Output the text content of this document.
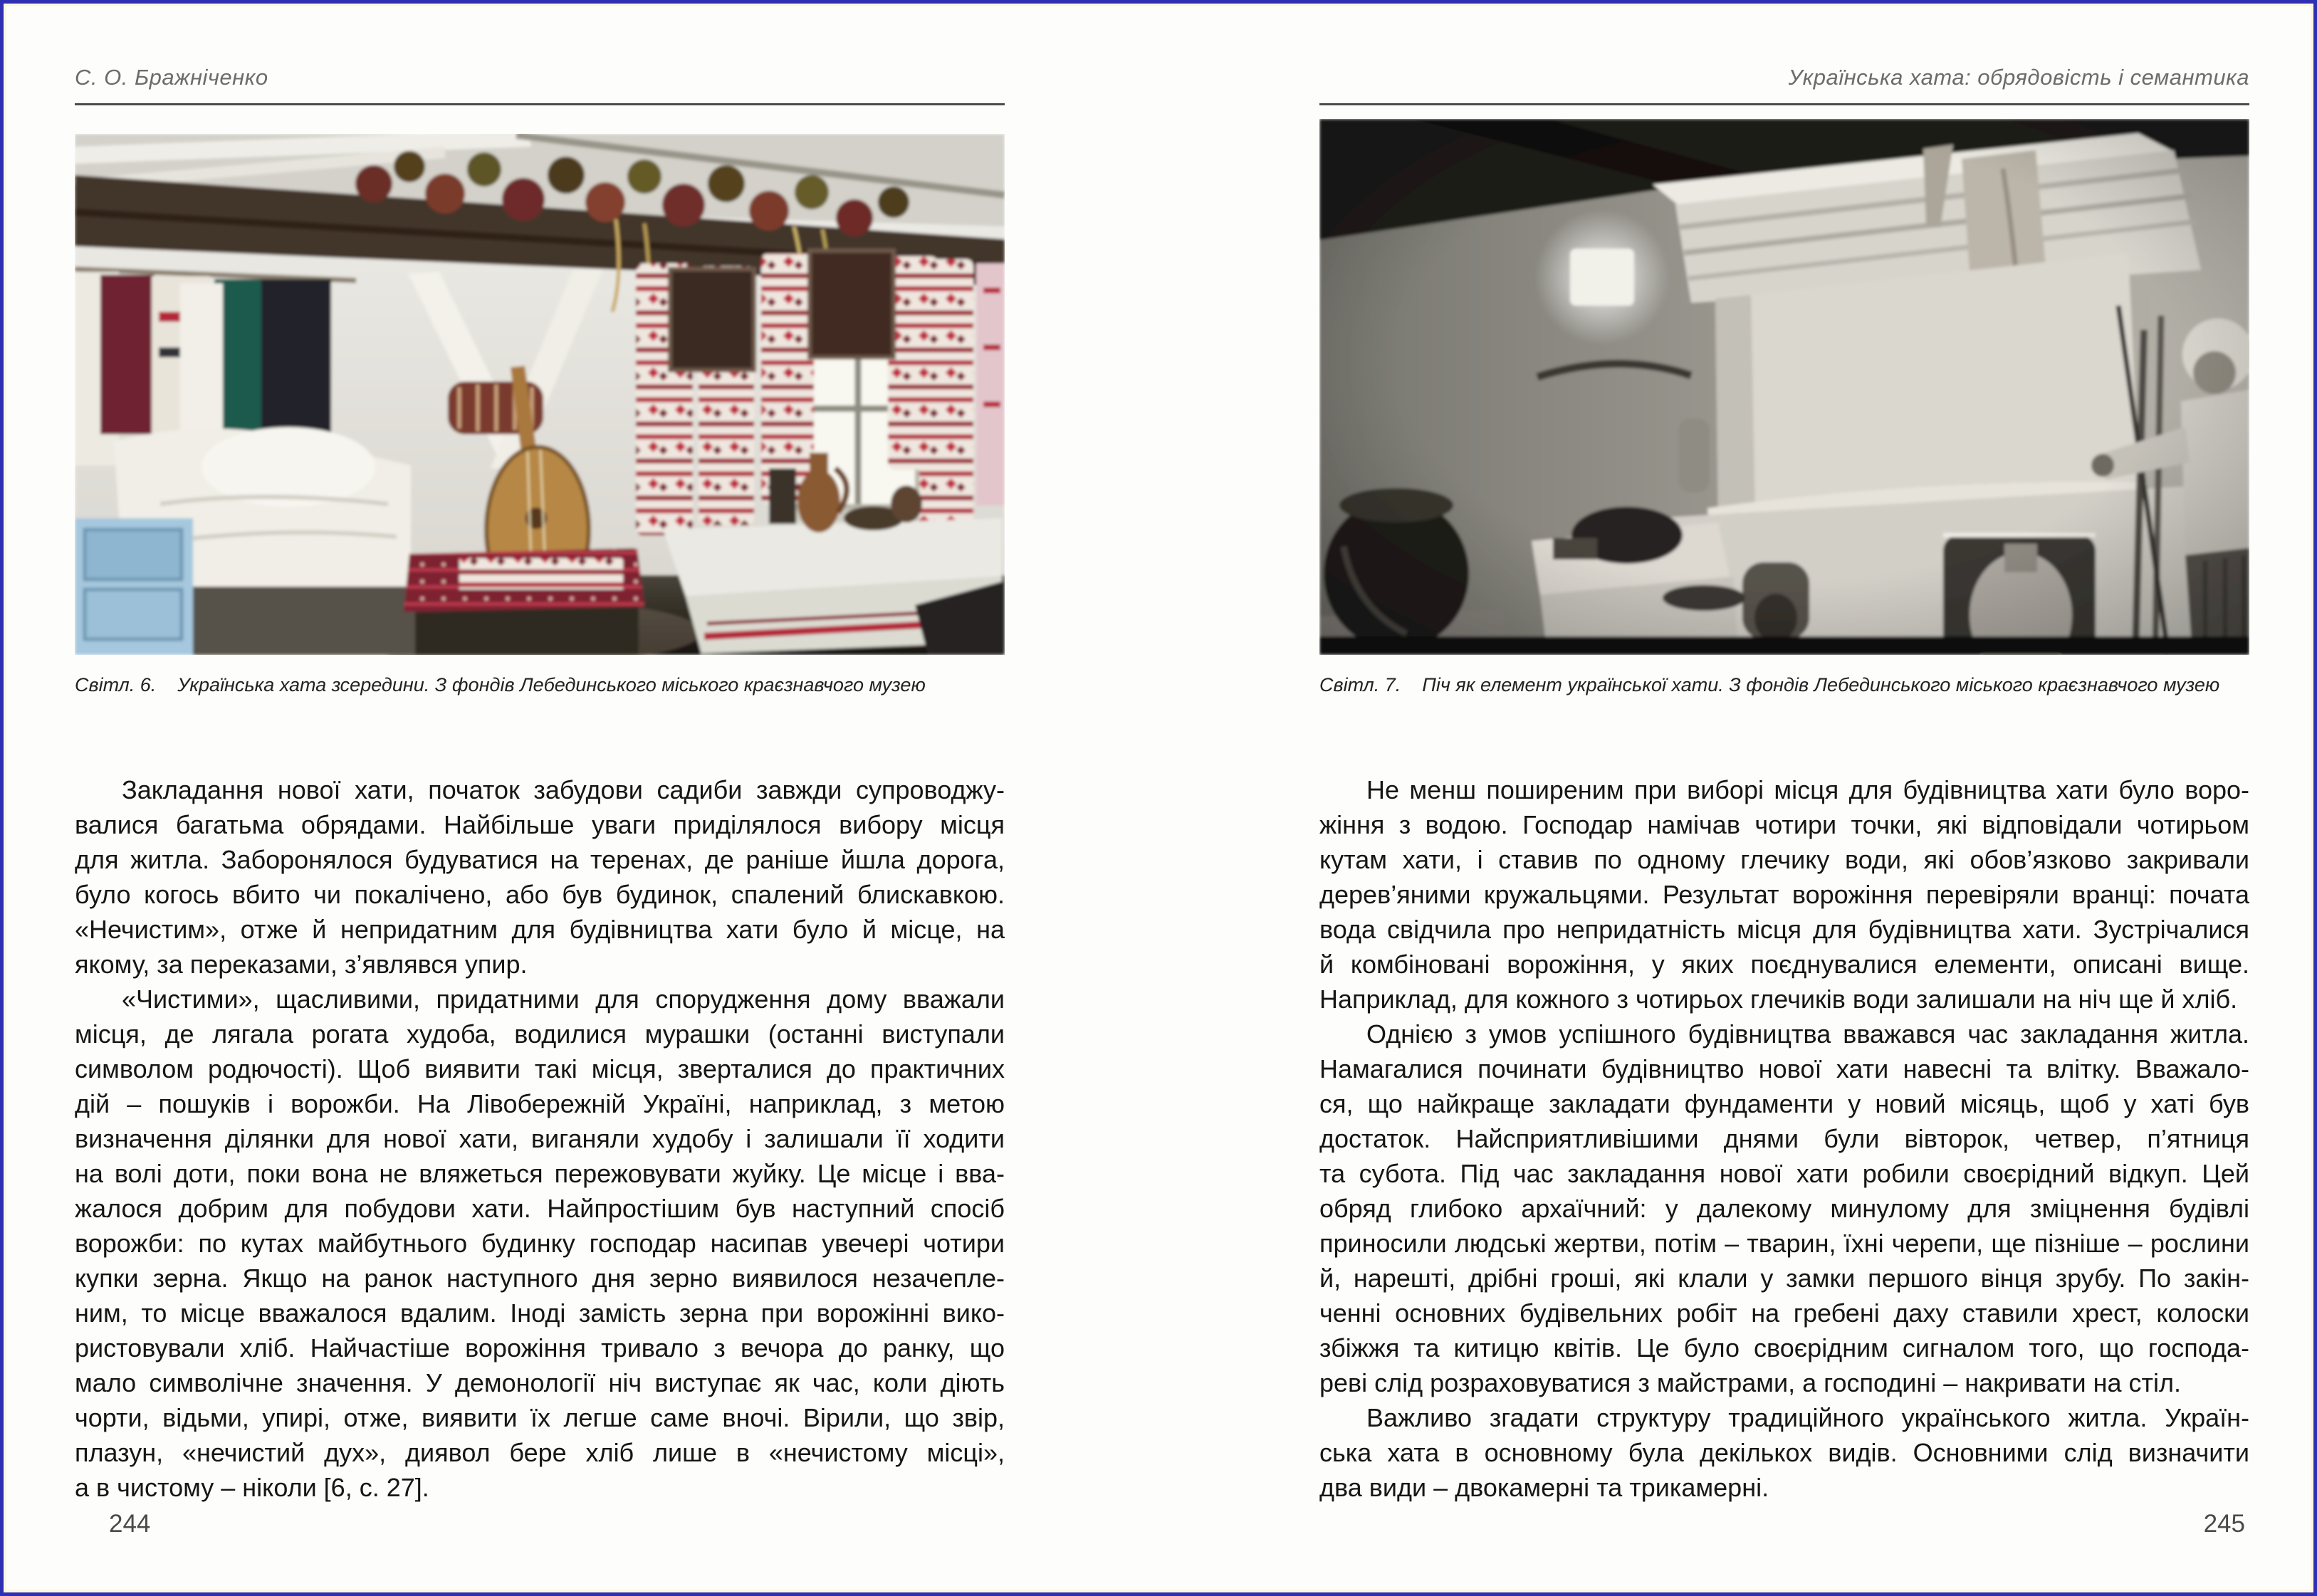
С. О. Бражніченко
Світл. 6. Українська хата зсередини. З фондів Лебединського міського краєзнавчого музею
Закладання нової хати, початок забудови садиби завжди супроводжу-
валися багатьма обрядами. Найбільше уваги приділялося вибору місця
для житла. Заборонялося будуватися на теренах, де раніше йшла дорога,
було когось вбито чи покалічено, або був будинок, спалений блискавкою.
«Нечистим», отже й непридатним для будівництва хати було й місце, на
якому, за переказами, з’являвся упир.
«Чистими», щасливими, придатними для спорудження дому вважали
місця, де лягала рогата худоба, водилися мурашки (останні виступали
символом родючості). Щоб виявити такі місця, зверталися до практичних
дій – пошуків і ворожби. На Лівобережній Україні, наприклад, з метою
визначення ділянки для нової хати, виганяли худобу і залишали її ходити
на волі доти, поки вона не вляжеться пережовувати жуйку. Це місце і вва-
жалося добрим для побудови хати. Найпростішим був наступний спосіб
ворожби: по кутах майбутнього будинку господар насипав увечері чотири
купки зерна. Якщо на ранок наступного дня зерно виявилося незачепле-
ним, то місце вважалося вдалим. Іноді замість зерна при ворожінні вико-
ристовували хліб. Найчастіше ворожіння тривало з вечора до ранку, що
мало символічне значення. У демонології ніч виступає як час, коли діють
чорти, відьми, упирі, отже, виявити їх легше саме вночі. Вірили, що звір,
плазун, «нечистий дух», диявол бере хліб лише в «нечистому місці»,
а в чистому – ніколи [6, с. 27].
244
Українська хата: обрядовість і семантика
Світл. 7. Піч як елемент української хати. З фондів Лебединського міського краєзнавчого музею
Не менш поширеним при виборі місця для будівництва хати було воро-
жіння з водою. Господар намічав чотири точки, які відповідали чотирьом
кутам хати, і ставив по одному глечику води, які обов’язково закривали
дерев’яними кружальцями. Результат ворожіння перевіряли вранці: почата
вода свідчила про непридатність місця для будівництва хати. Зустрічалися
й комбіновані ворожіння, у яких поєднувалися елементи, описані вище.
Наприклад, для кожного з чотирьох глечиків води залишали на ніч ще й хліб.
Однією з умов успішного будівництва вважався час закладання житла.
Намагалися починати будівництво нової хати навесні та влітку. Вважало-
ся, що найкраще закладати фундаменти у новий місяць, щоб у хаті був
достаток. Найсприятливішими днями були вівторок, четвер, п’ятниця
та субота. Під час закладання нової хати робили своєрідний відкуп. Цей
обряд глибоко архаїчний: у далекому минулому для зміцнення будівлі
приносили людські жертви, потім – тварин, їхні черепи, ще пізніше – рослини
й, нарешті, дрібні гроші, які клали у замки першого вінця зрубу. По закін-
ченні основних будівельних робіт на гребені даху ставили хрест, колоски
збіжжя та китицю квітів. Це було своєрідним сигналом того, що господа-
реві слід розраховуватися з майстрами, а господині – накривати на стіл.
Важливо згадати структуру традиційного українського житла. Україн-
ська хата в основному була декількох видів. Основними слід визначити
два види – двокамерні та трикамерні.
245
